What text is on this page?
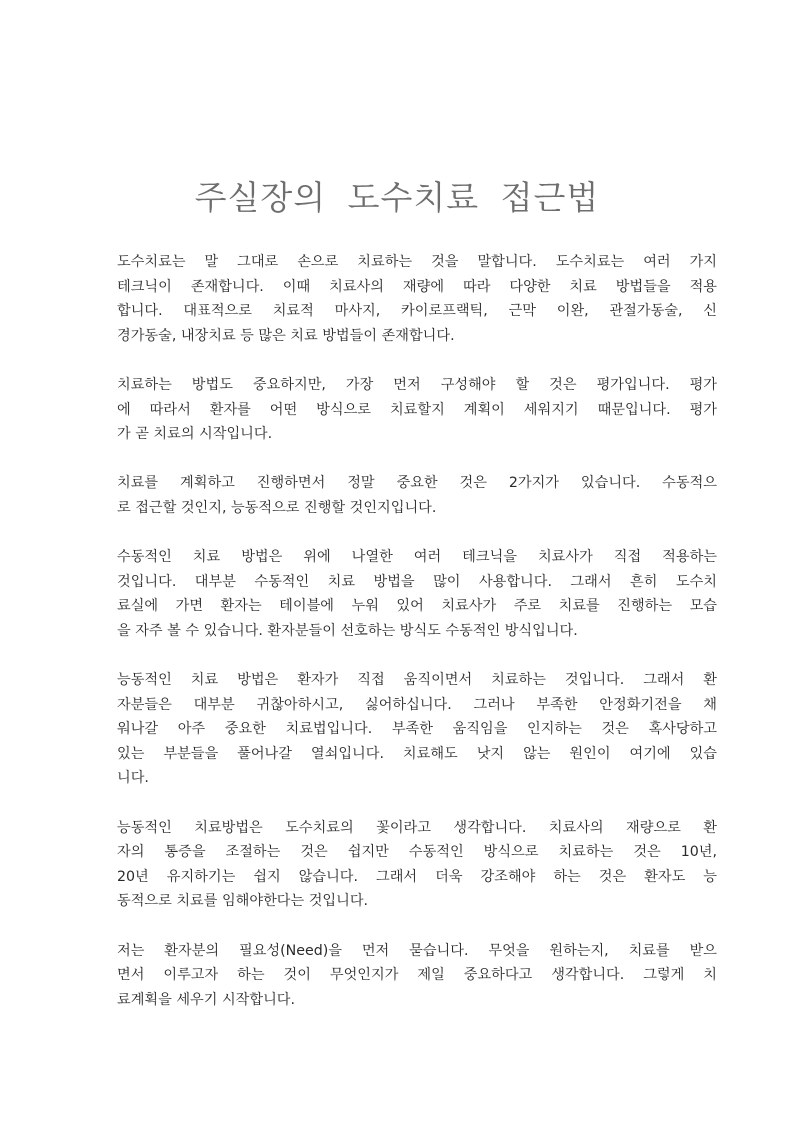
주실장의 도수치료 접근법

도수치료는 말 그대로 손으로 치료하는 것을 말합니다. 도수치료는 여러 가지
테크닉이 존재합니다. 이때 치료사의 재량에 따라 다양한 치료 방법들을 적용
합니다. 대표적으로 치료적 마사지, 카이로프랙틱, 근막 이완, 관절가동술, 신
경가동술, 내장치료 등 많은 치료 방법들이 존재합니다.

치료하는 방법도 중요하지만, 가장 먼저 구성해야 할 것은 평가입니다. 평가
에 따라서 환자를 어떤 방식으로 치료할지 계획이 세워지기 때문입니다. 평가
가 곧 치료의 시작입니다.

치료를 계획하고 진행하면서 정말 중요한 것은 2가지가 있습니다. 수동적으
로 접근할 것인지, 능동적으로 진행할 것인지입니다.

수동적인 치료 방법은 위에 나열한 여러 테크닉을 치료사가 직접 적용하는
것입니다. 대부분 수동적인 치료 방법을 많이 사용합니다. 그래서 흔히 도수치
료실에 가면 환자는 테이블에 누워 있어 치료사가 주로 치료를 진행하는 모습
을 자주 볼 수 있습니다. 환자분들이 선호하는 방식도 수동적인 방식입니다.

능동적인 치료 방법은 환자가 직접 움직이면서 치료하는 것입니다. 그래서 환
자분들은 대부분 귀찮아하시고, 싫어하십니다. 그러나 부족한 안정화기전을 채
워나갈 아주 중요한 치료법입니다. 부족한 움직임을 인지하는 것은 혹사당하고
있는 부분들을 풀어나갈 열쇠입니다. 치료해도 낫지 않는 원인이 여기에 있습
니다.

능동적인 치료방법은 도수치료의 꽃이라고 생각합니다. 치료사의 재량으로 환
자의 통증을 조절하는 것은 쉽지만 수동적인 방식으로 치료하는 것은 10년,
20년 유지하기는 쉽지 않습니다. 그래서 더욱 강조해야 하는 것은 환자도 능
동적으로 치료를 임해야한다는 것입니다.

저는 환자분의 필요성(Need)을 먼저 묻습니다. 무엇을 원하는지, 치료를 받으
면서 이루고자 하는 것이 무엇인지가 제일 중요하다고 생각합니다. 그렇게 치
료계획을 세우기 시작합니다.
